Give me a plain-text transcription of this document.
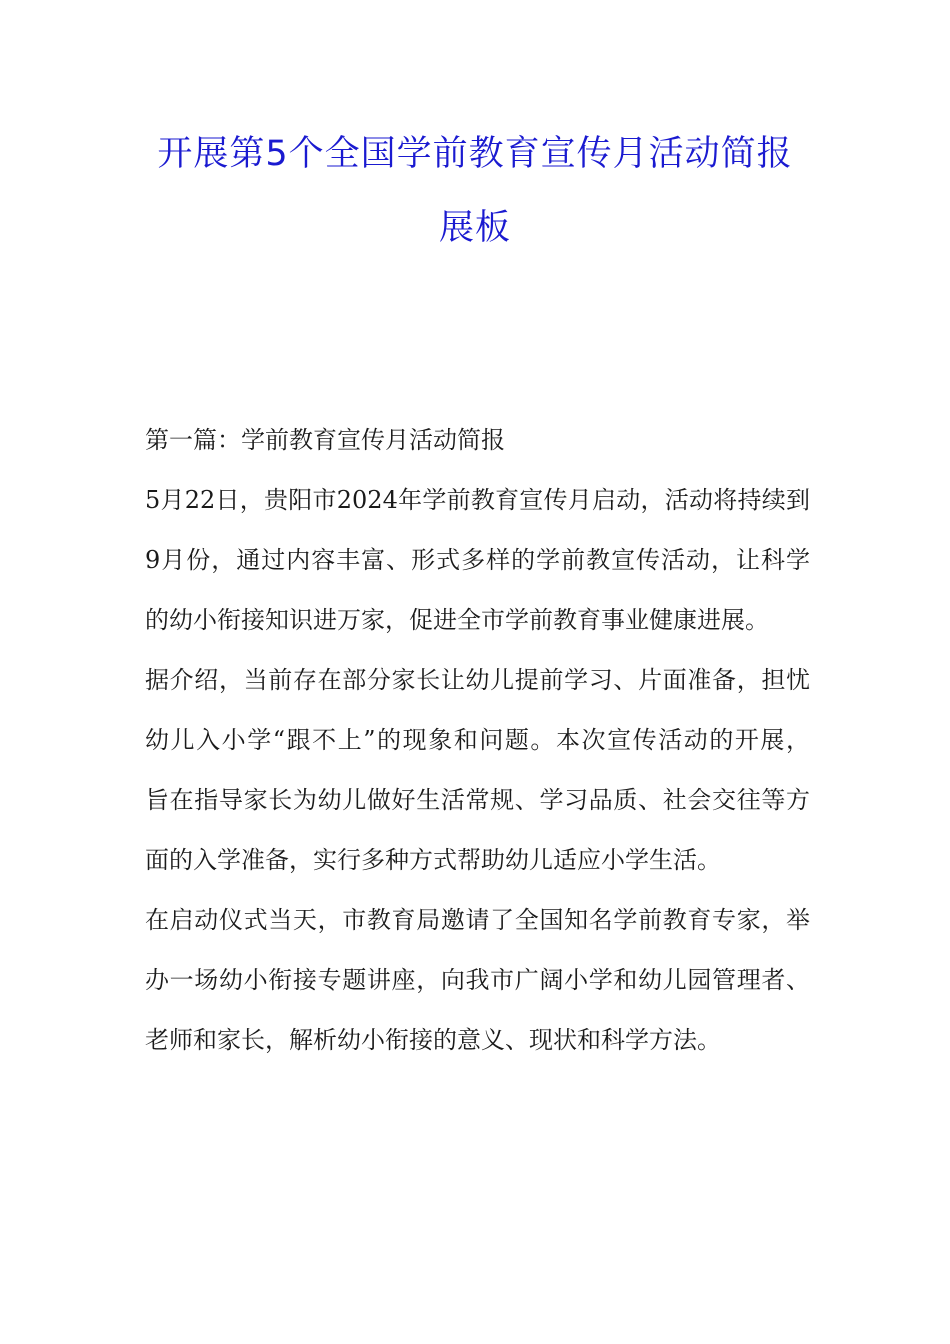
开展第5个全国学前教育宣传月活动简报
展板
第一篇：学前教育宣传月活动简报
5月22日，贵阳市2024年学前教育宣传月启动，活动将持续到
9月份，通过内容丰富、形式多样的学前教宣传活动，让科学
的幼小衔接知识进万家，促进全市学前教育事业健康进展。
据介绍，当前存在部分家长让幼儿提前学习、片面准备，担忧
幼儿入小学“跟不上”的现象和问题。本次宣传活动的开展，
旨在指导家长为幼儿做好生活常规、学习品质、社会交往等方
面的入学准备，实行多种方式帮助幼儿适应小学生活。
在启动仪式当天，市教育局邀请了全国知名学前教育专家，举
办一场幼小衔接专题讲座，向我市广阔小学和幼儿园管理者、
老师和家长，解析幼小衔接的意义、现状和科学方法。
